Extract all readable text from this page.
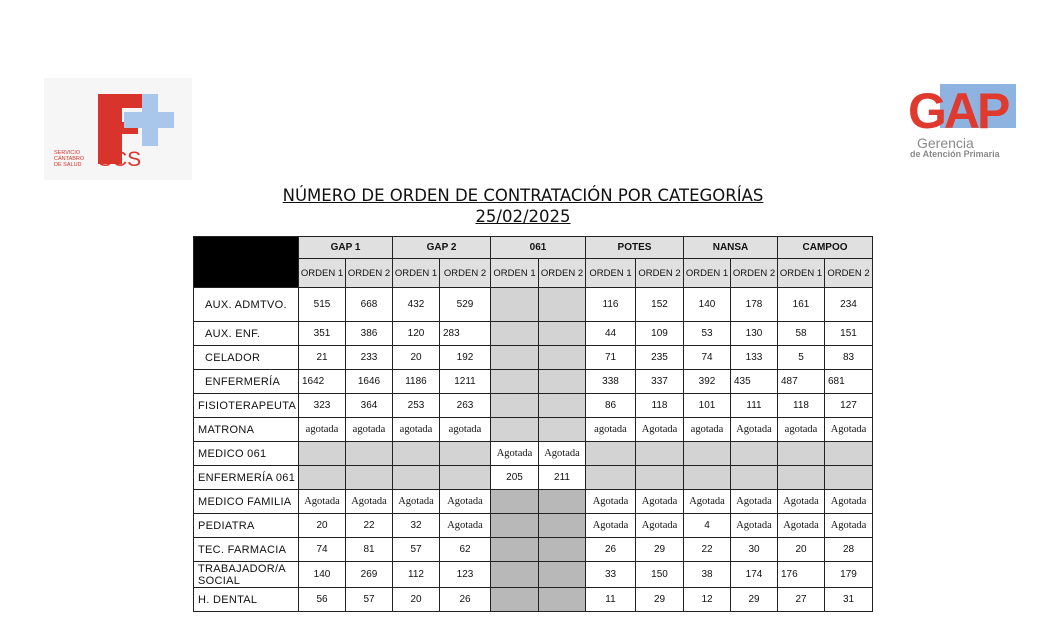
SERVICIO
CÁNTABRO
DE SALUD SCS
GAP
Gerencia
de Atención Primaria
NÚMERO DE ORDEN DE CONTRATACIÓN POR CATEGORÍAS
25/02/2025
	GAP 1		GAP 2		061		POTES		NANSA		CAMPOO	
	ORDEN 1	ORDEN 2	ORDEN 1	ORDEN 2	ORDEN 1	ORDEN 2	ORDEN 1	ORDEN 2	ORDEN 1	ORDEN 2	ORDEN 1	ORDEN 2
AUX. ADMTVO.	515	668	432	529			116	152	140	178	161	234
AUX. ENF.	351	386	120	283			44	109	53	130	58	151
CELADOR	21	233	20	192			71	235	74	133	5	83
ENFERMERÍA	1642	1646	1186	1211			338	337	392	435	487	681
FISIOTERAPEUTA	323	364	253	263			86	118	101	111	118	127
MATRONA	agotada	agotada	agotada	agotada			agotada	Agotada	agotada	Agotada	agotada	Agotada
MEDICO 061					Agotada	Agotada						
ENFERMERÍA 061					205	211						
MEDICO FAMILIA	Agotada	Agotada	Agotada	Agotada			Agotada	Agotada	Agotada	Agotada	Agotada	Agotada
PEDIATRA	20	22	32	Agotada			Agotada	Agotada	4	Agotada	Agotada	Agotada
TEC. FARMACIA	74	81	57	62			26	29	22	30	20	28
TRABAJADOR/A SOCIAL	140	269	112	123			33	150	38	174	176	179
H. DENTAL	56	57	20	26			11	29	12	29	27	31
